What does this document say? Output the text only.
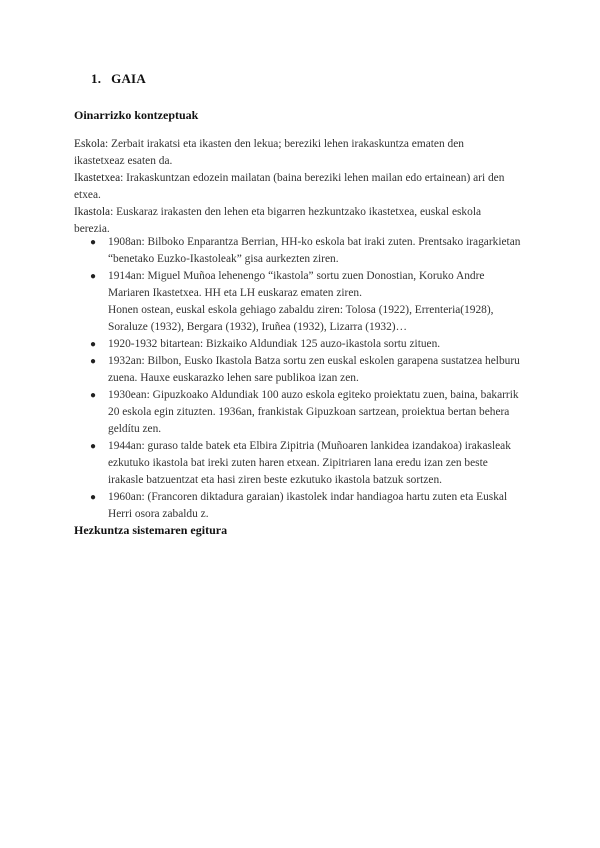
1. GAIA
Oinarrizko kontzeptuak

Eskola: Zerbait irakatsi eta ikasten den lekua; bereziki lehen irakaskuntza ematen den ikastetxeaz esaten da.

Ikastetxea: Irakaskuntzan edozein mailatan (baina bereziki lehen mailan edo ertainean) ari den etxea.

Ikastola: Euskaraz irakasten den lehen eta bigarren hezkuntzako ikastetxea, euskal eskola berezia.

● 1908an: Bilboko Enparantza Berrian, HH-ko eskola bat iraki zuten. Prentsako iragarkietan “benetako Euzko-Ikastoleak” gisa aurkezten ziren.
● 1914an: Miguel Muñoa lehenengo “ikastola” sortu zuen Donostian, Koruko Andre Mariaren Ikastetxea. HH eta LH euskaraz ematen ziren.
Honen ostean, euskal eskola gehiago zabaldu ziren: Tolosa (1922), Errenteria(1928), Soraluze (1932), Bergara (1932), Iruñea (1932), Lizarra (1932)…
● 1920-1932 bitartean: Bizkaiko Aldundiak 125 auzo-ikastola sortu zituen.
● 1932an: Bilbon, Eusko Ikastola Batza sortu zen euskal eskolen garapena sustatzea helburu zuena. Hauxe euskarazko lehen sare publikoa izan zen.
● 1930ean: Gipuzkoako Aldundiak 100 auzo eskola egiteko proiektatu zuen, baina, bakarrik 20 eskola egin zituzten. 1936an, frankistak Gipuzkoan sartzean, proiektua bertan behera geldítu zen.
● 1944an: guraso talde batek eta Elbira Zipitria (Muñoaren lankidea izandakoa) irakasleak ezkutuko ikastola bat ireki zuten haren etxean. Zipitriaren lana eredu izan zen beste irakasle batzuentzat eta hasi ziren beste ezkutuko ikastola batzuk sortzen.
● 1960an: (Francoren diktadura garaian) ikastolek indar handiagoa hartu zuten eta Euskal Herri osora zabaldu z.
Hezkuntza sistemaren egitura
